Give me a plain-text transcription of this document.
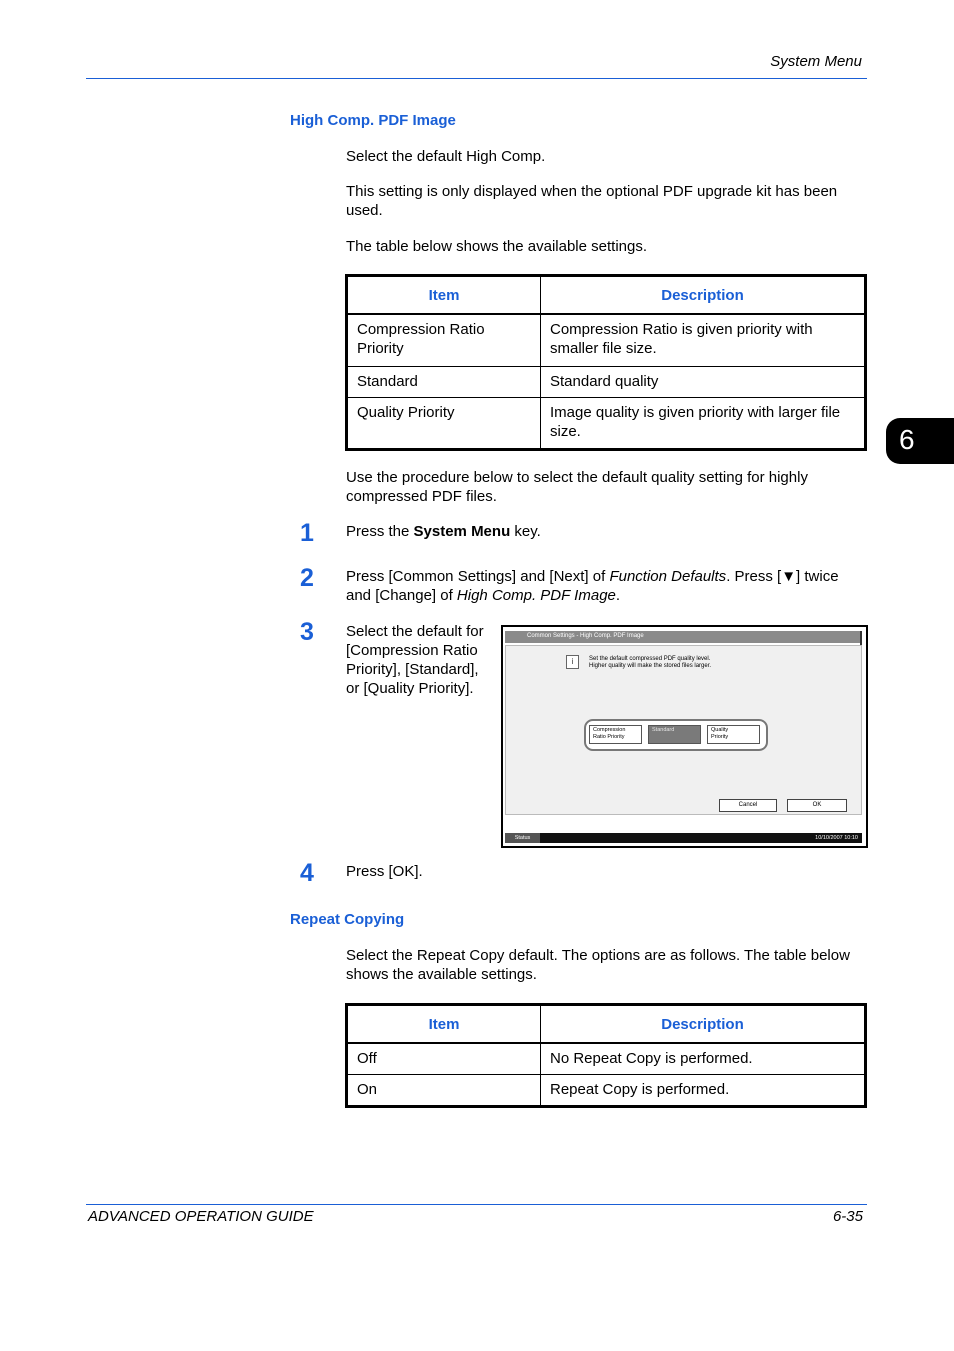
System Menu
6
High Comp. PDF Image
Select the default High Comp.
This setting is only displayed when the optional PDF upgrade kit has been used.
The table below shows the available settings.
Item	Description
Compression Ratio Priority	Compression Ratio is given priority with smaller file size.
Standard	Standard quality
Quality Priority	Image quality is given priority with larger file size.
Use the procedure below to select the default quality setting for highly compressed PDF files.
1 Press the System Menu key.
2 Press [Common Settings] and [Next] of Function Defaults. Press [▼] twice and [Change] of High Comp. PDF Image.
3 Select the default for [Compression Ratio Priority], [Standard], or [Quality Priority].
Common Settings - High Comp. PDF Image
i	Set the default compressed PDF quality level.
Higher quality will make the stored files larger.
Compression
Ratio Priority
Standard	Quality
Priority
Cancel	OK
Status	10/10/2007 10:10
4 Press [OK].
Repeat Copying
Select the Repeat Copy default. The options are as follows. The table below shows the available settings.
Item	Description
Off	No Repeat Copy is performed.
On	Repeat Copy is performed.
ADVANCED OPERATION GUIDE	6-35
